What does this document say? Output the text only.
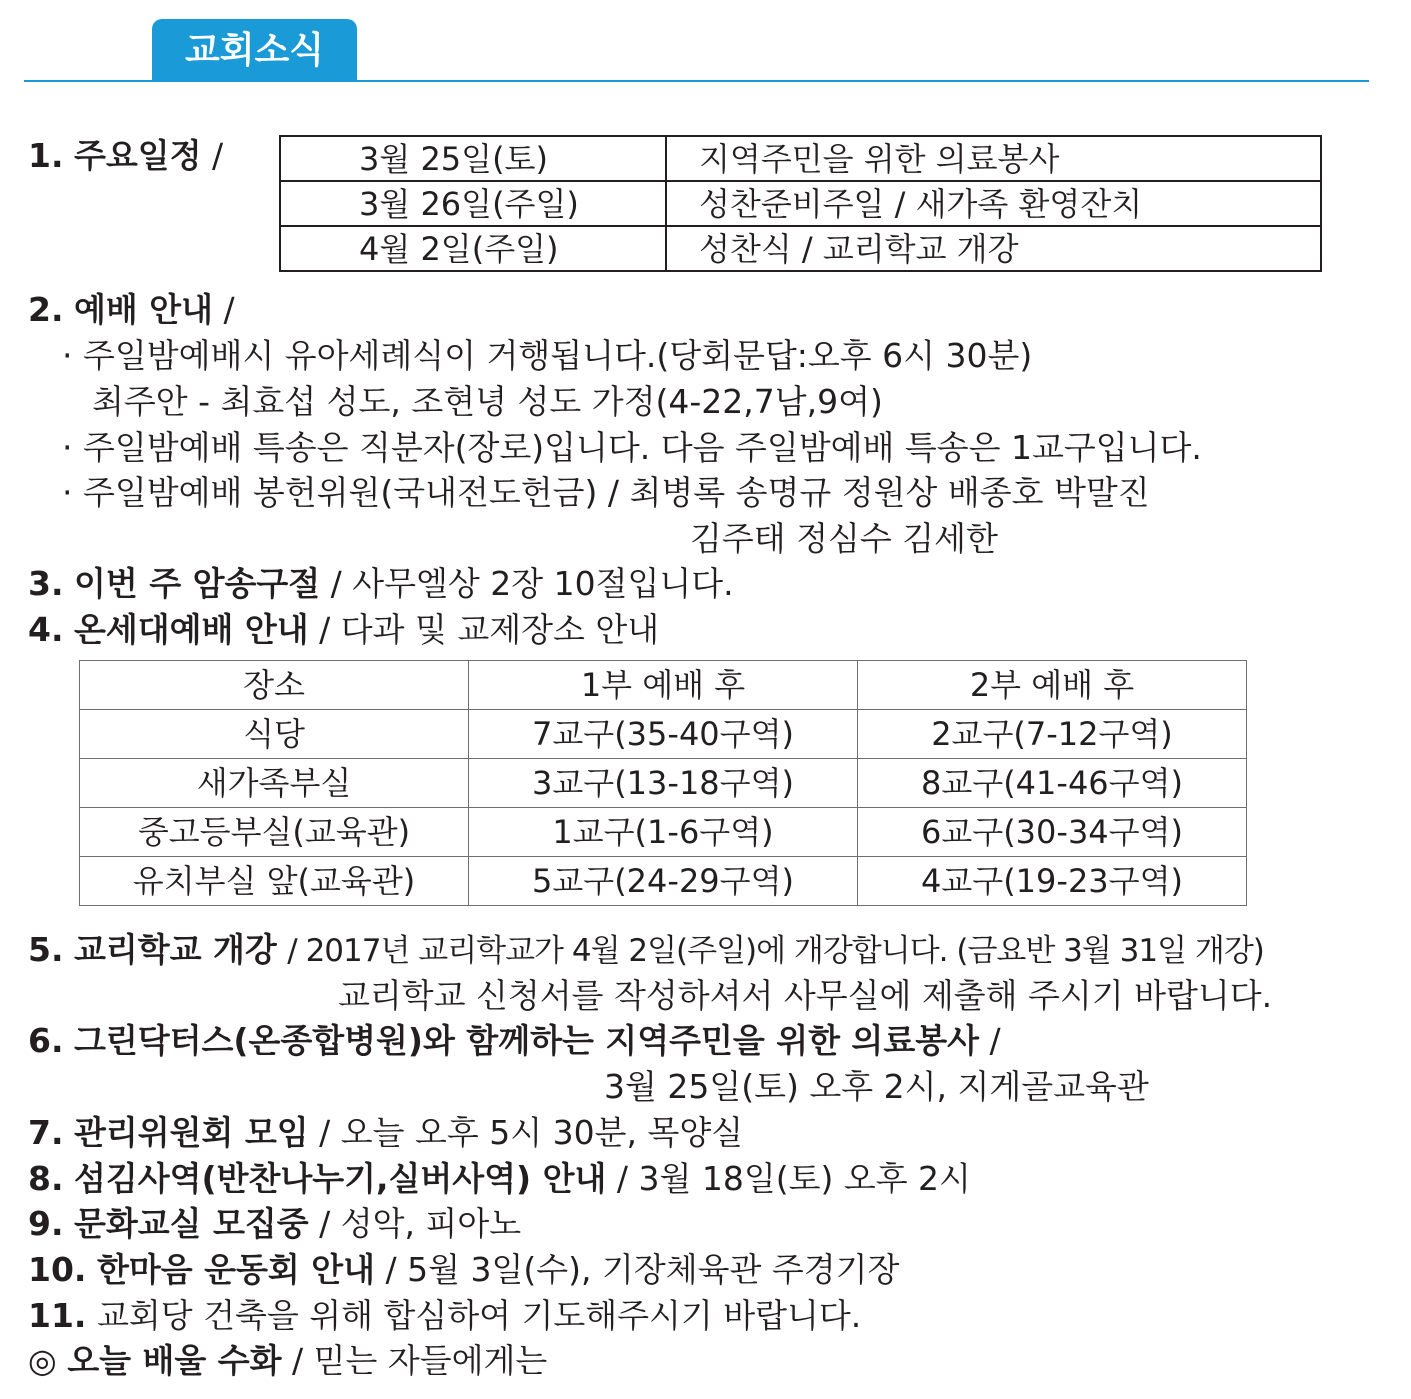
교회소식
1. 주요일정 /	3월 25일(토)	지역주민을 위한 의료봉사
3월 26일(주일)	성찬준비주일 / 새가족 환영잔치
4월 2일(주일)	성찬식 / 교리학교 개강
2. 예배 안내 /
· 주일밤예배시 유아세례식이 거행됩니다.(당회문답:오후 6시 30분)
최주안 - 최효섭 성도, 조현녕 성도 가정(4-22,7남,9여)
· 주일밤예배 특송은 직분자(장로)입니다. 다음 주일밤예배 특송은 1교구입니다.
· 주일밤예배 봉헌위원(국내전도헌금) / 최병록 송명규 정원상 배종호 박말진
김주태 정심수 김세한
3. 이번 주 암송구절 / 사무엘상 2장 10절입니다.
4. 온세대예배 안내 / 다과 및 교제장소 안내
장소	1부 예배 후	2부 예배 후
식당	7교구(35-40구역)	2교구(7-12구역)
새가족부실	3교구(13-18구역)	8교구(41-46구역)
중고등부실(교육관)	1교구(1-6구역)	6교구(30-34구역)
유치부실 앞(교육관)	5교구(24-29구역)	4교구(19-23구역)
5. 교리학교 개강 / 2017년 교리학교가 4월 2일(주일)에 개강합니다. (금요반 3월 31일 개강)
교리학교 신청서를 작성하셔서 사무실에 제출해 주시기 바랍니다.
6. 그린닥터스(온종합병원)와 함께하는 지역주민을 위한 의료봉사 /
3월 25일(토) 오후 2시, 지게골교육관
7. 관리위원회 모임 / 오늘 오후 5시 30분, 목양실
8. 섬김사역(반찬나누기,실버사역) 안내 / 3월 18일(토) 오후 2시
9. 문화교실 모집중 / 성악, 피아노
10. 한마음 운동회 안내 / 5월 3일(수), 기장체육관 주경기장
11. 교회당 건축을 위해 합심하여 기도해주시기 바랍니다.
◎ 오늘 배울 수화 / 믿는 자들에게는
